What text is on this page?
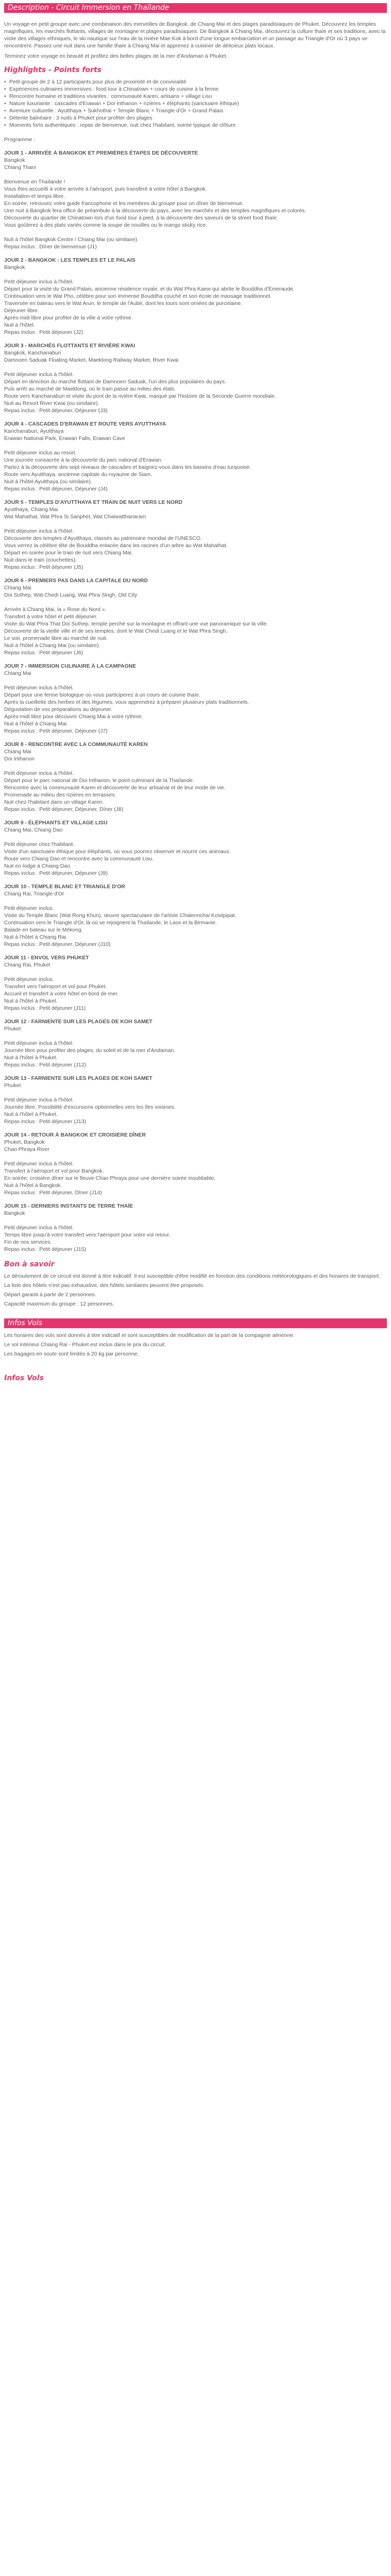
Description - Circuit Immersion en Thaïlande

Un voyage en petit groupe avec une combinaison des merveilles de Bangkok, de Chiang Mai et des plages paradisiaques de Phuket. Découvrez les temples magnifiques, les marchés flottants, villages de montagne et plages paradisiaques. De Bangkok à Chiang Mai, découvrez la culture thaïe et ses traditions, avec la visite des villages ethniques, le ski nautique sur l'eau de la rivière Mae Kok à bord d'une longue embarcation et un passage au Triangle d'Or où 3 pays se rencontrent. Passez une nuit dans une famille thaïe à Chiang Mai et apprenez à cuisiner de délicieux plats locaux.

Terminez votre voyage en beauté et profitez des belles plages de la mer d'Andaman à Phuket.

Highlights - Points forts
• Petit groupe de 2 à 12 participants pour plus de proximité et de convivialité
• Expériences culinaires immersives : food tour à Chinatown + cours de cuisine à la ferme
• Rencontre humaine et traditions vivantes : communauté Karen, artisans + village Lisu
• Nature luxuriante : cascades d'Erawan + Doi Inthanon + rizières + éléphants (sanctuaire éthique)
• Aventure culturelle : Ayutthaya + Sukhothai + Temple Blanc + Triangle d'Or + Grand Palais
• Détente balnéaire : 3 nuits à Phuket pour profiter des plages
• Moments forts authentiques : repas de bienvenue, nuit chez l'habitant, soirée typique de clôture

Programme :

JOUR 1 - ARRIVÉE À BANGKOK ET PREMIÈRES ÉTAPES DE DÉCOUVERTE

Bangkok

Chiang Thani

Bienvenue en Thaïlande !

Vous êtes accueilli à votre arrivée à l'aéroport, puis transféré à votre hôtel à Bangkok.

Installation et temps libre.

En soirée, retrouvez votre guide francophone et les membres du groupe pour un dîner de bienvenue.

Une nuit à Bangkok fera office de préambule à la découverte du pays, avec les marchés et des temples magnifiques et colorés.

Découverte du quartier de Chinatown lors d'un food tour à pied, à la découverte des saveurs de la street food thaïe.

Vous goûterez à des plats variés comme la soupe de nouilles ou le mango sticky rice.

Nuit à l'hôtel Bangkok Centre / Chiang Mai (ou similaire).

Repas inclus : Dîner de bienvenue (J1)

JOUR 2 - BANGKOK : LES TEMPLES ET LE PALAIS

Bangkok

Petit déjeuner inclus à l'hôtel.

Départ pour la visite du Grand Palais, ancienne résidence royale, et du Wat Phra Kaew qui abrite le Bouddha d'Émeraude.

Continuation vers le Wat Pho, célèbre pour son immense Bouddha couché et son école de massage traditionnel.

Traversée en bateau vers le Wat Arun, le temple de l'Aube, dont les tours sont ornées de porcelaine.

Déjeuner libre.

Après-midi libre pour profiter de la ville à votre rythme.

Nuit à l'hôtel.

Repas inclus : Petit déjeuner (J2)

JOUR 3 - MARCHÉS FLOTTANTS ET RIVIÈRE KWAI

Bangkok, Kanchanaburi

Damnoen Saduak Floating Market, Maeklong Railway Market, River Kwai

Petit déjeuner inclus à l'hôtel.

Départ en direction du marché flottant de Damnoen Saduak, l'un des plus populaires du pays.

Puis arrêt au marché de Maeklong, où le train passe au milieu des étals.

Route vers Kanchanaburi et visite du pont de la rivière Kwai, marqué par l'histoire de la Seconde Guerre mondiale.

Nuit au Resort River Kwai (ou similaire).

Repas inclus : Petit déjeuner, Déjeuner (J3)

JOUR 4 - CASCADES D'ERAWAN ET ROUTE VERS AYUTTHAYA

Kanchanaburi, Ayutthaya

Erawan National Park, Erawan Falls, Erawan Cave

Petit déjeuner inclus au resort.

Une journée consacrée à la découverte du parc national d'Erawan.

Partez à la découverte des sept niveaux de cascades et baignez-vous dans les bassins d'eau turquoise.

Route vers Ayutthaya, ancienne capitale du royaume de Siam.

Nuit à l'hôtel Ayutthaya (ou similaire).

Repas inclus : Petit déjeuner, Déjeuner (J4)

JOUR 5 - TEMPLES D'AYUTTHAYA ET TRAIN DE NUIT VERS LE NORD

Ayutthaya, Chiang Mai

Wat Mahathat, Wat Phra Si Sanphet, Wat Chaiwatthanaram

Petit déjeuner inclus à l'hôtel.

Découverte des temples d'Ayutthaya, classés au patrimoine mondial de l'UNESCO.

Vous verrez la célèbre tête de Bouddha enlacée dans les racines d'un arbre au Wat Mahathat.

Départ en soirée pour le train de nuit vers Chiang Mai.

Nuit dans le train (couchettes).

Repas inclus : Petit déjeuner (J5)

JOUR 6 - PREMIERS PAS DANS LA CAPITALE DU NORD

Chiang Mai

Doi Suthep, Wat Chedi Luang, Wat Phra Singh, Old City

Arrivée à Chiang Mai, la « Rose du Nord ».

Transfert à votre hôtel et petit déjeuner.

Visite du Wat Phra That Doi Suthep, temple perché sur la montagne et offrant une vue panoramique sur la ville.

Découverte de la vieille ville et de ses temples, dont le Wat Chedi Luang et le Wat Phra Singh.

Le soir, promenade libre au marché de nuit.

Nuit à l'hôtel à Chiang Mai (ou similaire).

Repas inclus : Petit déjeuner (J6)

JOUR 7 - IMMERSION CULINAIRE À LA CAMPAGNE

Chiang Mai

Petit déjeuner inclus à l'hôtel.

Départ pour une ferme biologique où vous participerez à un cours de cuisine thaïe.

Après la cueillette des herbes et des légumes, vous apprendrez à préparer plusieurs plats traditionnels.

Dégustation de vos préparations au déjeuner.

Après-midi libre pour découvrir Chiang Mai à votre rythme.

Nuit à l'hôtel à Chiang Mai.

Repas inclus : Petit déjeuner, Déjeuner (J7)

JOUR 8 - RENCONTRE AVEC LA COMMUNAUTÉ KAREN

Chiang Mai

Doi Inthanon

Petit déjeuner inclus à l'hôtel.

Départ pour le parc national de Doi Inthanon, le point culminant de la Thaïlande.

Rencontre avec la communauté Karen et découverte de leur artisanat et de leur mode de vie.

Promenade au milieu des rizières en terrasses.

Nuit chez l'habitant dans un village Karen.

Repas inclus : Petit déjeuner, Déjeuner, Dîner (J8)

JOUR 9 - ÉLÉPHANTS ET VILLAGE LISU

Chiang Mai, Chiang Dao

Petit déjeuner chez l'habitant.

Visite d'un sanctuaire éthique pour éléphants, où vous pourrez observer et nourrir ces animaux.

Route vers Chiang Dao et rencontre avec la communauté Lisu.

Nuit en lodge à Chiang Dao.

Repas inclus : Petit déjeuner, Déjeuner (J9)

JOUR 10 - TEMPLE BLANC ET TRIANGLE D'OR

Chiang Rai, Triangle d'Or

Petit déjeuner inclus.

Visite du Temple Blanc (Wat Rong Khun), œuvre spectaculaire de l'artiste Chalermchai Kositpipat.

Continuation vers le Triangle d'Or, là où se rejoignent la Thaïlande, le Laos et la Birmanie.

Balade en bateau sur le Mékong.

Nuit à l'hôtel à Chiang Rai.

Repas inclus : Petit déjeuner, Déjeuner (J10)

JOUR 11 - ENVOL VERS PHUKET

Chiang Rai, Phuket

Petit déjeuner inclus.

Transfert vers l'aéroport et vol pour Phuket.

Accueil et transfert à votre hôtel en bord de mer.

Nuit à l'hôtel à Phuket.

Repas inclus : Petit déjeuner (J11)

JOUR 12 - FARNIENTE SUR LES PLAGES DE KOH SAMET

Phuket

Petit déjeuner inclus à l'hôtel.

Journée libre pour profiter des plages, du soleil et de la mer d'Andaman.

Nuit à l'hôtel à Phuket.

Repas inclus : Petit déjeuner (J12)

JOUR 13 - FARNIENTE SUR LES PLAGES DE KOH SAMET

Phuket

Petit déjeuner inclus à l'hôtel.

Journée libre. Possibilité d'excursions optionnelles vers les îles voisines.

Nuit à l'hôtel à Phuket.

Repas inclus : Petit déjeuner (J13)

JOUR 14 - RETOUR À BANGKOK ET CROISIÈRE DÎNER

Phuket, Bangkok

Chao Phraya River

Petit déjeuner inclus à l'hôtel.

Transfert à l'aéroport et vol pour Bangkok.

En soirée, croisière dîner sur le fleuve Chao Phraya pour une dernière soirée inoubliable.

Nuit à l'hôtel à Bangkok.

Repas inclus : Petit déjeuner, Dîner (J14)

JOUR 15 - DERNIERS INSTANTS DE TERRE THAÏE

Bangkok

Petit déjeuner inclus à l'hôtel.

Temps libre jusqu'à votre transfert vers l'aéroport pour votre vol retour.

Fin de nos services.

Repas inclus : Petit déjeuner (J15)

Bon à savoir

Le déroulement de ce circuit est donné à titre indicatif. Il est susceptible d'être modifié en fonction des conditions météorologiques et des horaires de transport.

La liste des hôtels n'est pas exhaustive, des hôtels similaires peuvent être proposés.

Départ garanti à partir de 2 personnes.

Capacité maximum du groupe : 12 personnes.

Infos Vols

Les horaires des vols sont donnés à titre indicatif et sont susceptibles de modification de la part de la compagnie aérienne.

Le vol intérieur Chiang Rai - Phuket est inclus dans le prix du circuit.

Les bagages en soute sont limités à 20 kg par personne.

Infos Vols
